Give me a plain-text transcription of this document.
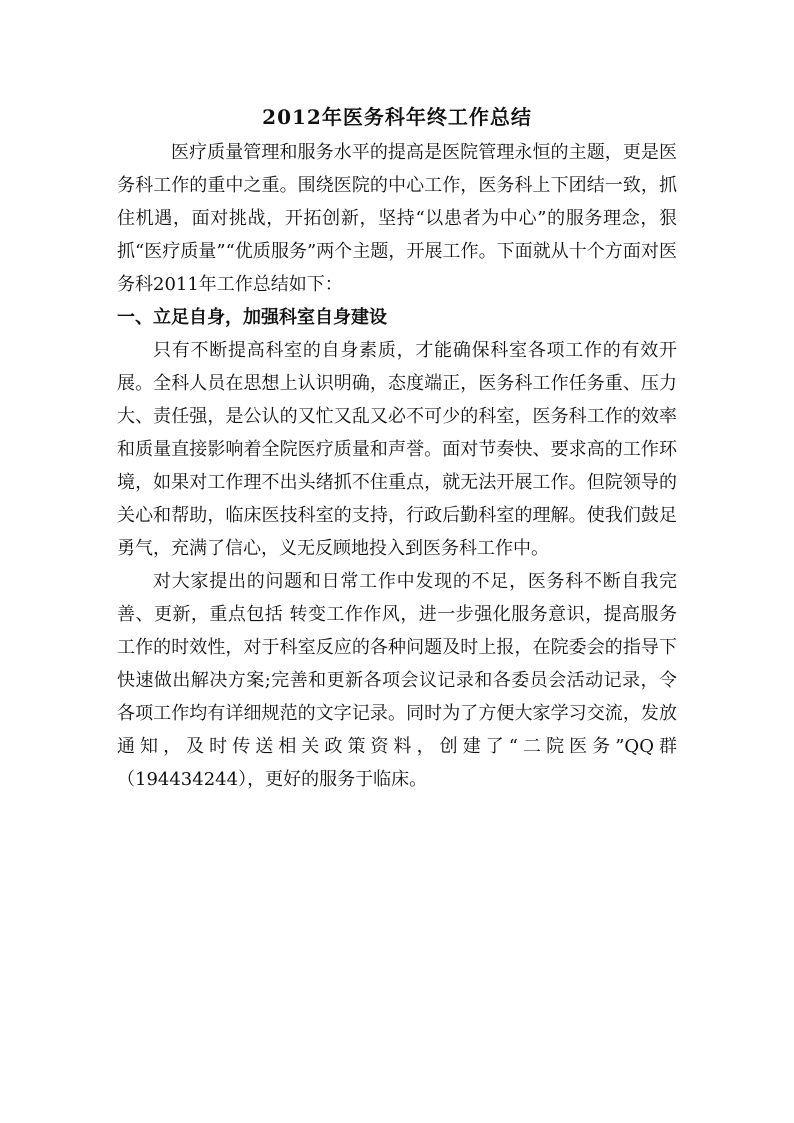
2012年医务科年终工作总结

医疗质量管理和服务水平的提高是医院管理永恒的主题，更是医务科工作的重中之重。围绕医院的中心工作，医务科上下团结一致，抓住机遇，面对挑战，开拓创新，坚持“以患者为中心”的服务理念，狠抓“医疗质量”“优质服务”两个主题，开展工作。下面就从十个方面对医务科2011年工作总结如下：

一、立足自身，加强科室自身建设

只有不断提高科室的自身素质，才能确保科室各项工作的有效开展。全科人员在思想上认识明确，态度端正，医务科工作任务重、压力大、责任强，是公认的又忙又乱又必不可少的科室，医务科工作的效率和质量直接影响着全院医疗质量和声誉。面对节奏快、要求高的工作环境，如果对工作理不出头绪抓不住重点，就无法开展工作。但院领导的关心和帮助，临床医技科室的支持，行政后勤科室的理解。使我们鼓足勇气，充满了信心，义无反顾地投入到医务科工作中。

对大家提出的问题和日常工作中发现的不足，医务科不断自我完善、更新，重点包括 转变工作作风，进一步强化服务意识，提高服务工作的时效性，对于科室反应的各种问题及时上报，在院委会的指导下快速做出解决方案;完善和更新各项会议记录和各委员会活动记录，令各项工作均有详细规范的文字记录。同时为了方便大家学习交流，发放通知，及时传送相关政策资料，创建了“二院医务”QQ群（194434244），更好的服务于临床。
